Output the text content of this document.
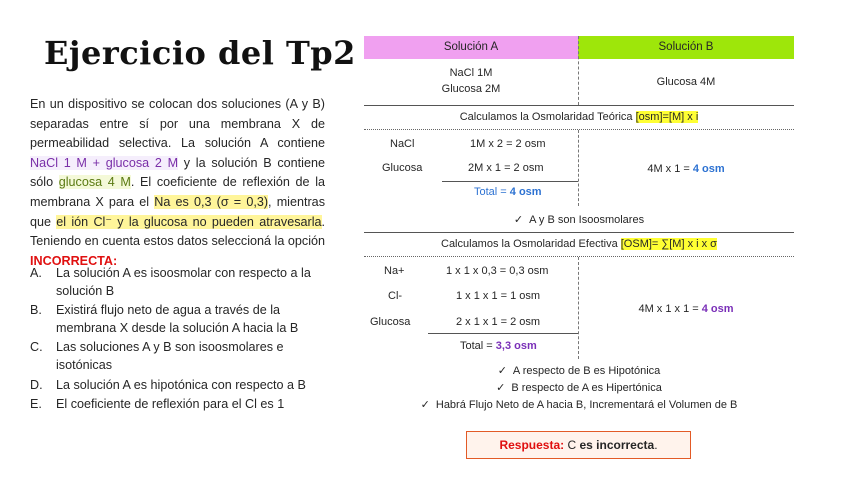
Ejercicio del Tp2
En un dispositivo se colocan dos soluciones (A y B) separadas entre sí por una membrana X de permeabilidad selectiva. La solución A contiene NaCl 1 M + glucosa 2 M y la solución B contiene sólo glucosa 4 M. El coeficiente de reflexión de la membrana X para el Na es 0,3 (σ = 0,3), mientras que el ión Cl⁻ y la glucosa no pueden atravesarla. Teniendo en cuenta estos datos seleccioná la opción INCORRECTA:
A. La solución A es isoosmolar con respecto a la solución B
B. Existirá flujo neto de agua a través de la membrana X desde la solución A hacia la B
C. Las soluciones A y B son isoosmolares e isotónicas
D. La solución A es hipotónica con respecto a B
E. El coeficiente de reflexión para el Cl es 1
Solución A	Solución B
NaCl 1M
Glucosa 2M
Glucosa 4M
Calculamos la Osmolaridad Teórica [osm]=[M] x i
NaCl	1M x 2 = 2 osm
Glucosa	2M x 1 = 2 osm
Total = 4 osm
4M x 1 = 4 osm
✓ A y B son Isoosmolares
Calculamos la Osmolaridad Efectiva [OSM]= ∑[M] x i x σ
Na+	1 x 1 x 0,3 = 0,3 osm
Cl-	1 x 1 x 1 = 1 osm
Glucosa	2 x 1 x 1 = 2 osm
Total = 3,3 osm
4M x 1 x 1 = 4 osm
✓ A respecto de B es Hipotónica
✓ B respecto de A es Hipertónica
✓ Habrá Flujo Neto de A hacia B, Incrementará el Volumen de B
Respuesta: C es incorrecta.
